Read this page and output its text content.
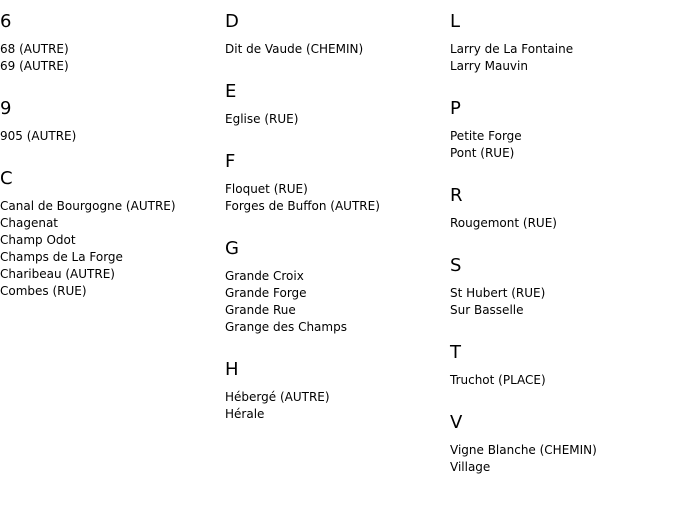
6
68 (AUTRE)
69 (AUTRE)
9
905 (AUTRE)
C
Canal de Bourgogne (AUTRE)
Chagenat
Champ Odot
Champs de La Forge
Charibeau (AUTRE)
Combes (RUE)
D
Dit de Vaude (CHEMIN)
E
Eglise (RUE)
F
Floquet (RUE)
Forges de Buffon (AUTRE)
G
Grande Croix
Grande Forge
Grande Rue
Grange des Champs
H
Hébergé (AUTRE)
Hérale
L
Larry de La Fontaine
Larry Mauvin
P
Petite Forge
Pont (RUE)
R
Rougemont (RUE)
S
St Hubert (RUE)
Sur Basselle
T
Truchot (PLACE)
V
Vigne Blanche (CHEMIN)
Village
